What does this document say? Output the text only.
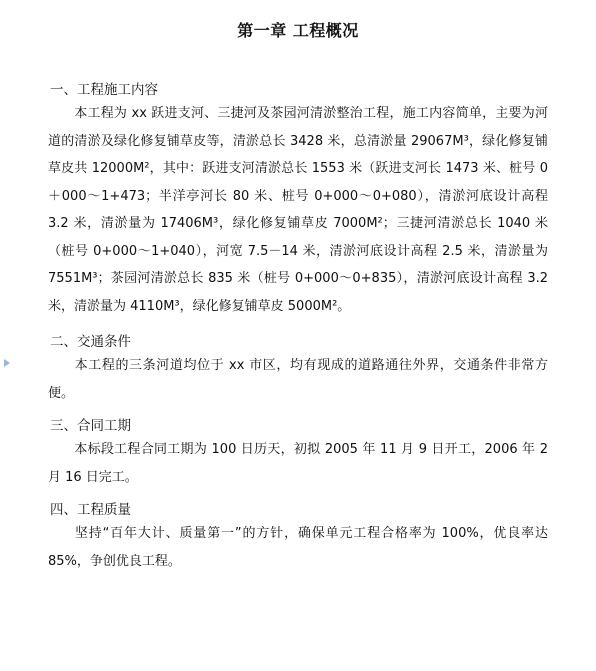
第一章 工程概况
一、工程施工内容

本工程为 xx 跃进支河、三捷河及茶园河清淤整治工程，施工内容简单，主要为河道的清淤及绿化修复铺草皮等，清淤总长 3428 米，总清淤量 29067M³，绿化修复铺草皮共 12000M²，其中：跃进支河清淤总长 1553 米（跃进支河长 1473 米、桩号 0＋000～1+473；半洋亭河长 80 米、桩号 0+000～0+080），清淤河底设计高程 3.2 米，清淤量为 17406M³，绿化修复铺草皮 7000M²；三捷河清淤总长 1040 米（桩号 0+000～1+040），河宽 7.5－14 米，清淤河底设计高程 2.5 米，清淤量为 7551M³；茶园河清淤总长 835 米（桩号 0+000～0+835），清淤河底设计高程 3.2 米，清淤量为 4110M³，绿化修复铺草皮 5000M²。

二、交通条件

本工程的三条河道均位于 xx 市区，均有现成的道路通往外界，交通条件非常方便。

三、合同工期

本标段工程合同工期为 100 日历天，初拟 2005 年 11 月 9 日开工，2006 年 2 月 16 日完工。

四、工程质量

坚持“百年大计、质量第一”的方针，确保单元工程合格率为 100%，优良率达 85%，争创优良工程。
